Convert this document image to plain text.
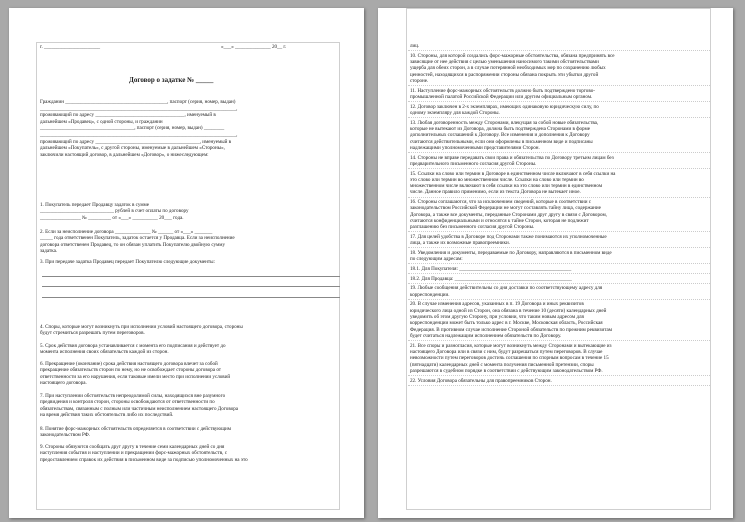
г. ______________________	«___» ______________ 20__ г.
Договор о задатке № _____
Гражданин ________________________________________, паспорт (серия, номер, выдан)
_____________________________________________________________________________,
проживающий по адресу ___________________________________, именуемый в
дальнейшем «Продавец», с одной стороны, и гражданин
_____________________________________, паспорт (серия, номер, выдан) ________
_____________________________________________________________________________,
проживающий по адресу _________________________________________, именуемый в
дальнейшем «Покупатель», с другой стороны, именуемые в дальнейшем «Стороны»,
заключили настоящий договор, в дальнейшем «Договор», о нижеследующем:
1. Покупатель передает Продавцу задаток в сумме
_____________________________ рублей в счет оплаты по договору
________________ № _________ от «___» __________ 20___ года.
2. Если за неисполнение договора ______________ № ______ от «___» _______
_____ года ответственен Покупатель, задаток остается у Продавца. Если за неисполнение
договора ответственен Продавец, то он обязан уплатить Покупателю двойную сумму
задатка.
3. При передаче задатка Продавец передает Покупателю следующие документы:
4. Споры, которые могут возникнуть при исполнении условий настоящего договора, стороны
будут стремиться разрешать путем переговоров.
5. Срок действия договора устанавливается с момента его подписания и действует до
момента исполнения своих обязательств каждой из сторон.
6. Прекращение (окончание) срока действия настоящего договора влечет за собой
прекращение обязательств сторон по нему, но не освобождает стороны договора от
ответственности за его нарушения, если таковые имели место при исполнении условий
настоящего договора.
7. При наступлении обстоятельств непреодолимой силы, находящихся вне разумного
предвидения и контроля сторон, стороны освобождаются от ответственности по
обязательствам, связанным с полным или частичным неисполнением настоящего Договора
на время действия таких обстоятельств либо их последствий.
8. Понятие форс-мажорных обстоятельств определяется в соответствии с действующим
законодательством РФ.
9. Стороны обязуются сообщать друг другу в течение семи календарных дней со дня
наступления события и наступлении и прекращении форс-мажорных обстоятельств, с
предоставлением справок их действия в письменном виде за подписью уполномоченных на это
лиц.
10. Стороны, для которой создались форс-мажорные обстоятельства, обязана предпринять все
зависящие от нее действия с целью уменьшения наносимого такими обстоятельствами
ущерба для обеих сторон, а в случае потерянной необходимых мер по сохранению любых
ценностей, находящихся в распоряжении стороны обязана покрыть эти убытки другой
стороне.
11. Наступление форс-мажорных обстоятельств должно быть подтверждено торгово-
промышленной палатой Российской Федерации или другим официальным органом.
12. Договор заключен в 2-х экземплярах, имеющих одинаковую юридическую силу, по
одному экземпляру для каждой Стороны.
13. Любая договоренность между Сторонами, влекущая за собой новые обязательства,
которые не вытекают из Договора, должна быть подтверждена Сторонами в форме
дополнительных соглашений к Договору. Все изменения и дополнения к Договору
считаются действительными, если они оформлены в письменном виде и подписаны
надлежащими уполномоченными представителями Сторон.
14. Стороны не вправе передавать свои права и обязательства по Договору третьим лицам без
предварительного письменного согласия другой Стороны.
15. Ссылки на слово или термин в Договоре в единственном числе включают в себя ссылки на
это слово или термин во множественном числе. Ссылки на слово или термин во
множественном числе включают в себя ссылки на это слово или термин в единственном
числе. Данное правило применимо, если из текста Договора не вытекает иное.
16. Стороны соглашаются, что за исключением сведений, которые в соответствии с
законодательством Российской Федерации не могут составлять тайну лица, содержание
Договора, а также все документы, переданные Сторонами друг другу в связи с Договором,
считаются конфиденциальными и относятся к тайне Сторон, которая не подлежит
разглашению без письменного согласия другой Стороны.
17. Для целей удобства в Договоре под Сторонами также понимаются их уполномоченные
лица, а также их возможные правопреемники.
18. Уведомления и документы, передаваемые по Договору, направляются в письменном виде
по следующим адресам:
18.1. Для Покупателя: ____________________________________________
18.2. Для Продавца: ______________________________________________
19. Любые сообщения действительны со дня доставки по соответствующему адресу для
корреспонденции.
20. В случае изменения адресов, указанных в п. 19 Договора и иных реквизитов
юридического лица одной из Сторон, она обязана в течение 10 (десяти) календарных дней
уведомить об этом другую Сторону, при условии, что таким новым адресом для
корреспонденции может быть только адрес в г. Москве, Московская область, Российская
Федерация. В противном случае исполнение Стороной обязательств по прежним реквизитам
будет считаться надлежащим исполнением обязательств по Договору.
21. Все споры и разногласия, которые могут возникнуть между Сторонами и вытекающие из
настоящего Договора или в связи с ним, будут разрешаться путем переговоров. В случае
невозможности путем переговоров достичь соглашения по спорным вопросам в течение 15
(пятнадцати) календарных дней с момента получения письменной претензии, споры
разрешаются в судебном порядке в соответствии с действующим законодательством РФ.
22. Условия Договора обязательны для правопреемников Сторон.
